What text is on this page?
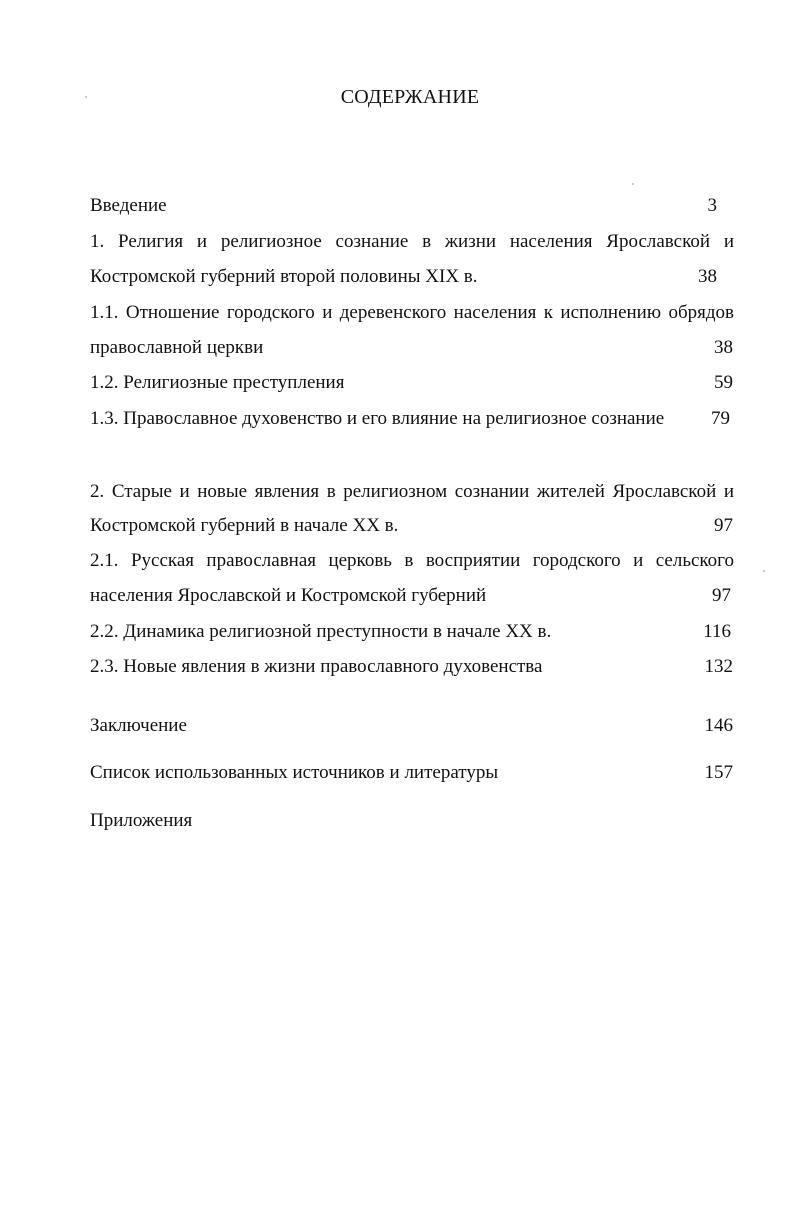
СОДЕРЖАНИЕ
Введение	3
1. Религия и религиозное сознание в жизни населения Ярославской и
Костромской губерний второй половины XIX в.	38
1.1. Отношение городского и деревенского населения к исполнению обрядов
православной церкви	38
1.2. Религиозные преступления	59
1.3. Православное духовенство и его влияние на религиозное сознание	79
2. Старые и новые явления в религиозном сознании жителей Ярославской и
Костромской губерний в начале XX в.	97
2.1. Русская православная церковь в восприятии городского и сельского
населения Ярославской и Костромской губерний	97
2.2. Динамика религиозной преступности в начале XX в.	116
2.3. Новые явления в жизни православного духовенства	132
Заключение	146
Список использованных источников и литературы	157
Приложения
